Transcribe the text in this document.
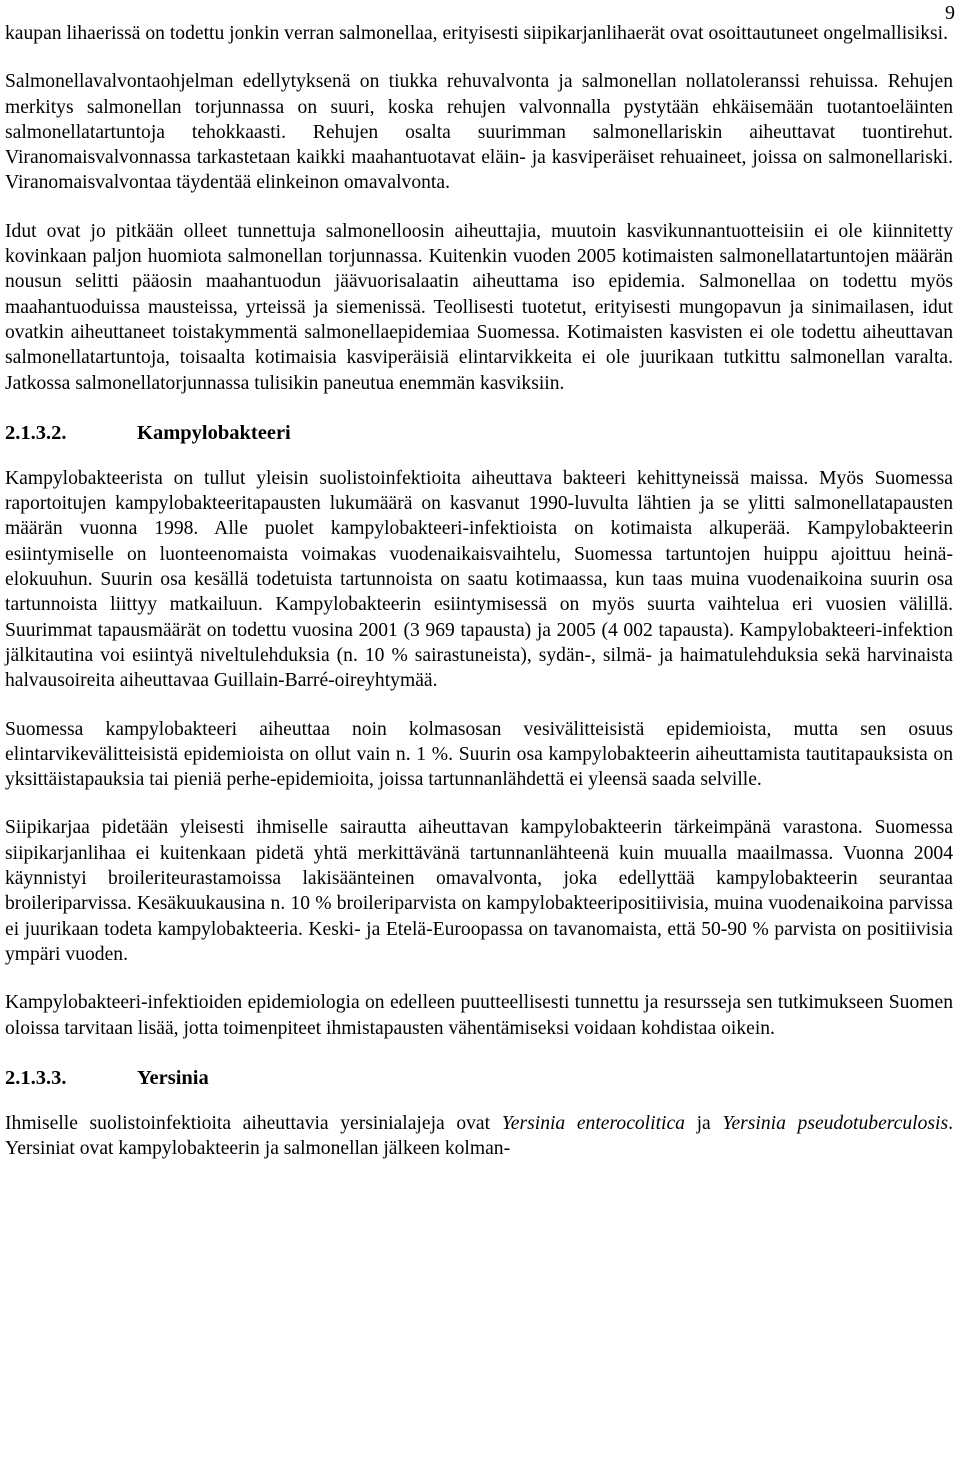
9

kaupan lihaerissä on todettu jonkin verran salmonellaa, erityisesti siipikarjanlihaerät ovat osoittautuneet ongelmallisiksi.

Salmonellavalvontaohjelman edellytyksenä on tiukka rehuvalvonta ja salmonellan nollatoleranssi rehuissa. Rehujen merkitys salmonellan torjunnassa on suuri, koska rehujen valvonnalla pystytään ehkäisemään tuotantoeläinten salmonellatartuntoja tehokkaasti. Rehujen osalta suurimman salmonellariskin aiheuttavat tuontirehut. Viranomaisvalvonnassa tarkastetaan kaikki maahantuotavat eläin- ja kasviperäiset rehuaineet, joissa on salmonellariski. Viranomaisvalvontaa täydentää elinkeinon omavalvonta.

Idut ovat jo pitkään olleet tunnettuja salmonelloosin aiheuttajia, muutoin kasvikunnantuotteisiin ei ole kiinnitetty kovinkaan paljon huomiota salmonellan torjunnassa. Kuitenkin vuoden 2005 kotimaisten salmonellatartuntojen määrän nousun selitti pääosin maahantuodun jäävuorisalaatin aiheuttama iso epidemia. Salmonellaa on todettu myös maahantuoduissa mausteissa, yrteissä ja siemenissä. Teollisesti tuotetut, erityisesti mungopavun ja sinimailasen, idut ovatkin aiheuttaneet toistakymmentä salmonellaepidemiaa Suomessa. Kotimaisten kasvisten ei ole todettu aiheuttavan salmonellatartuntoja, toisaalta kotimaisia kasviperäisiä elintarvikkeita ei ole juurikaan tutkittu salmonellan varalta. Jatkossa salmonellatorjunnassa tulisikin paneutua enemmän kasviksiin.

2.1.3.2.	Kampylobakteeri

Kampylobakteerista on tullut yleisin suolistoinfektioita aiheuttava bakteeri kehittyneissä maissa. Myös Suomessa raportoitujen kampylobakteeritapausten lukumäärä on kasvanut 1990-luvulta lähtien ja se ylitti salmonellatapausten määrän vuonna 1998. Alle puolet kampylobakteeri-infektioista on kotimaista alkuperää. Kampylobakteerin esiintymiselle on luonteenomaista voimakas vuodenaikaisvaihtelu, Suomessa tartuntojen huippu ajoittuu heinäelokuuhun. Suurin osa kesällä todetuista tartunnoista on saatu kotimaassa, kun taas muina vuodenaikoina suurin osa tartunnoista liittyy matkailuun. Kampylobakteerin esiintymisessä on myös suurta vaihtelua eri vuosien välillä. Suurimmat tapausmäärät on todettu vuosina 2001 (3 969 tapausta) ja 2005 (4 002 tapausta). Kampylobakteeri-infektion jälkitautina voi esiintyä niveltulehduksia (n. 10 % sairastuneista), sydän-, silmä- ja haimatulehduksia sekä harvinaista halvausoireita aiheuttavaa Guillain-Barré-oireyhtymää.

Suomessa kampylobakteeri aiheuttaa noin kolmasosan vesivälitteisistä epidemioista, mutta sen osuus elintarvikevälitteisistä epidemioista on ollut vain n. 1 %. Suurin osa kampylobakteerin aiheuttamista tautitapauksista on yksittäistapauksia tai pieniä perhe-epidemioita, joissa tartunnanlähdettä ei yleensä saada selville.

Siipikarjaa pidetään yleisesti ihmiselle sairautta aiheuttavan kampylobakteerin tärkeimpänä varastona. Suomessa siipikarjanlihaa ei kuitenkaan pidetä yhtä merkittävänä tartunnanlähteenä kuin muualla maailmassa. Vuonna 2004 käynnistyi broileriteurastamoissa lakisäänteinen omavalvonta, joka edellyttää kampylobakteerin seurantaa broileriparvissa. Kesäkuukausina n. 10 % broileriparvista on kampylobakteeripositiivisia, muina vuodenaikoina parvissa ei juurikaan todeta kampylobakteeria. Keski- ja Etelä-Euroopassa on tavanomaista, että 50-90 % parvista on positiivisia ympäri vuoden.

Kampylobakteeri-infektioiden epidemiologia on edelleen puutteellisesti tunnettu ja resursseja sen tutkimukseen Suomen oloissa tarvitaan lisää, jotta toimenpiteet ihmistapausten vähentämiseksi voidaan kohdistaa oikein.

2.1.3.3.	Yersinia

Ihmiselle suolistoinfektioita aiheuttavia yersinialajeja ovat Yersinia enterocolitica ja Yersinia pseudotuberculosis. Yersiniat ovat kampylobakteerin ja salmonellan jälkeen kolman-
